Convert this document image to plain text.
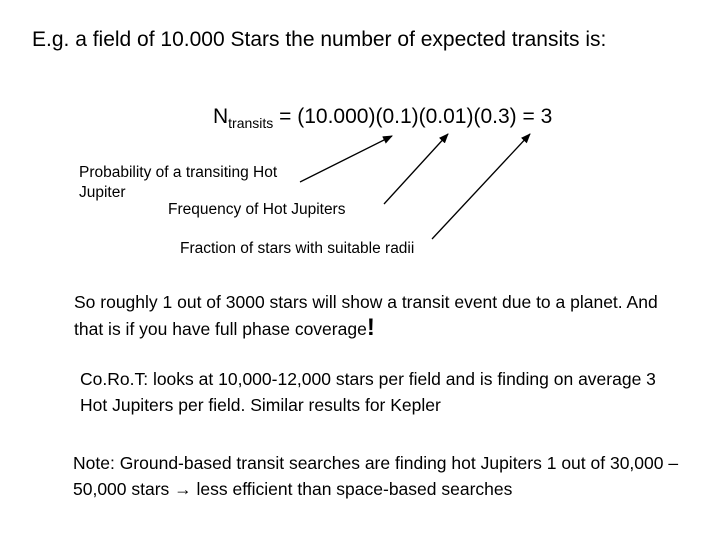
E.g. a field of 10.000 Stars the number of expected transits is:
$N_{transits} = (10.000)(0.1)(0.01)(0.3) = 3$
Probability of a transiting Hot Jupiter
Frequency of Hot Jupiters
Fraction of stars with suitable radii
So roughly 1 out of 3000 stars will show a transit event due to a planet. And that is if you have full phase coverage!
Co.Ro.T: looks at 10,000-12,000 stars per field and is finding on average 3 Hot Jupiters per field. Similar results for Kepler
Note: Ground-based transit searches are finding hot Jupiters 1 out of 30,000 – 50,000 stars → less efficient than space-based searches
